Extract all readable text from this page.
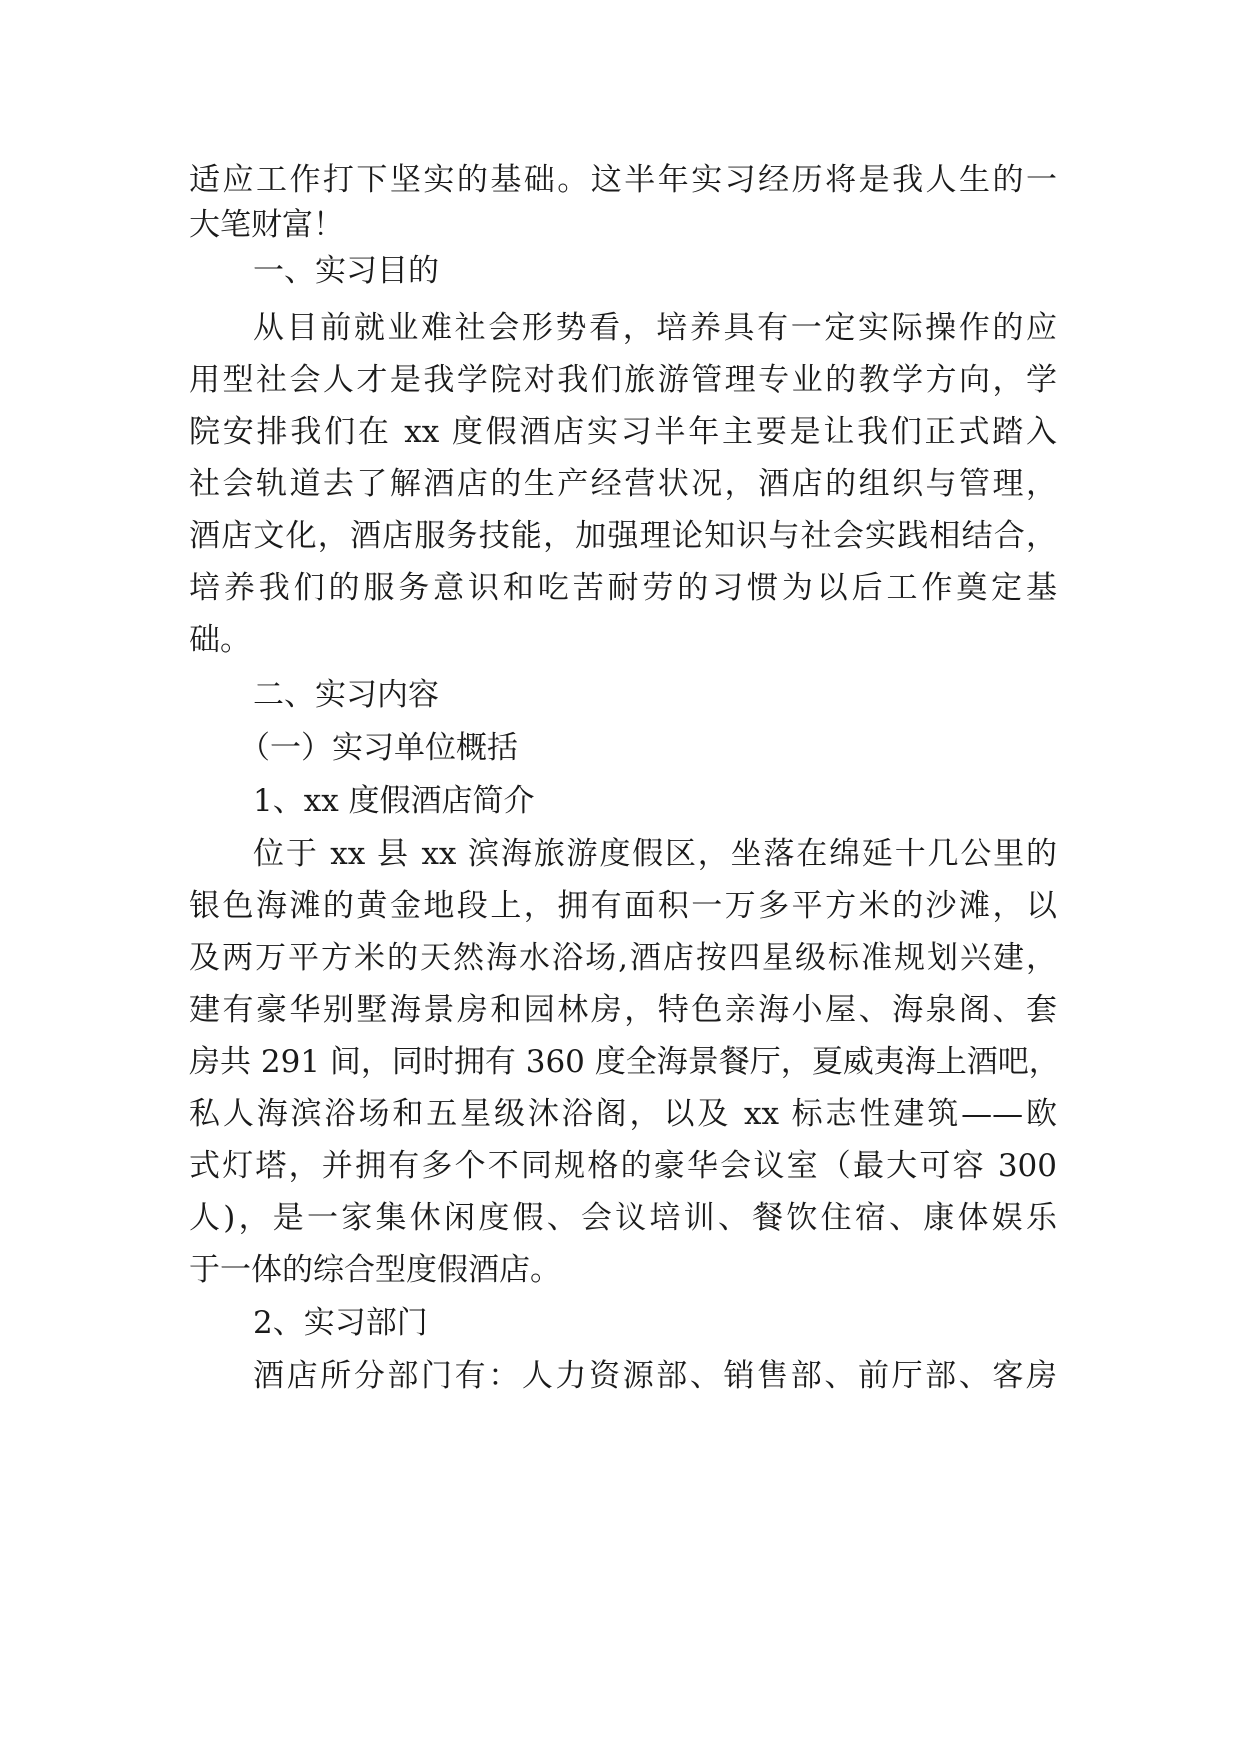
适应工作打下坚实的基础。这半年实习经历将是我人生的一
大笔财富！
一、实习目的
从目前就业难社会形势看，培养具有一定实际操作的应
用型社会人才是我学院对我们旅游管理专业的教学方向，学
院安排我们在 xx 度假酒店实习半年主要是让我们正式踏入
社会轨道去了解酒店的生产经营状况，酒店的组织与管理，
酒店文化，酒店服务技能，加强理论知识与社会实践相结合，
培养我们的服务意识和吃苦耐劳的习惯为以后工作奠定基
础。
二、实习内容
（一）实习单位概括
1、xx 度假酒店简介
位于 xx 县 xx 滨海旅游度假区，坐落在绵延十几公里的
银色海滩的黄金地段上，拥有面积一万多平方米的沙滩，以
及两万平方米的天然海水浴场,酒店按四星级标准规划兴建，
建有豪华别墅海景房和园林房，特色亲海小屋、海泉阁、套
房共 291 间，同时拥有 360 度全海景餐厅，夏威夷海上酒吧，
私人海滨浴场和五星级沐浴阁，以及 xx 标志性建筑——欧
式灯塔，并拥有多个不同规格的豪华会议室（最大可容 300
人)，是一家集休闲度假、会议培训、餐饮住宿、康体娱乐
于一体的综合型度假酒店。
2、实习部门
酒店所分部门有：人力资源部、销售部、前厅部、客房
